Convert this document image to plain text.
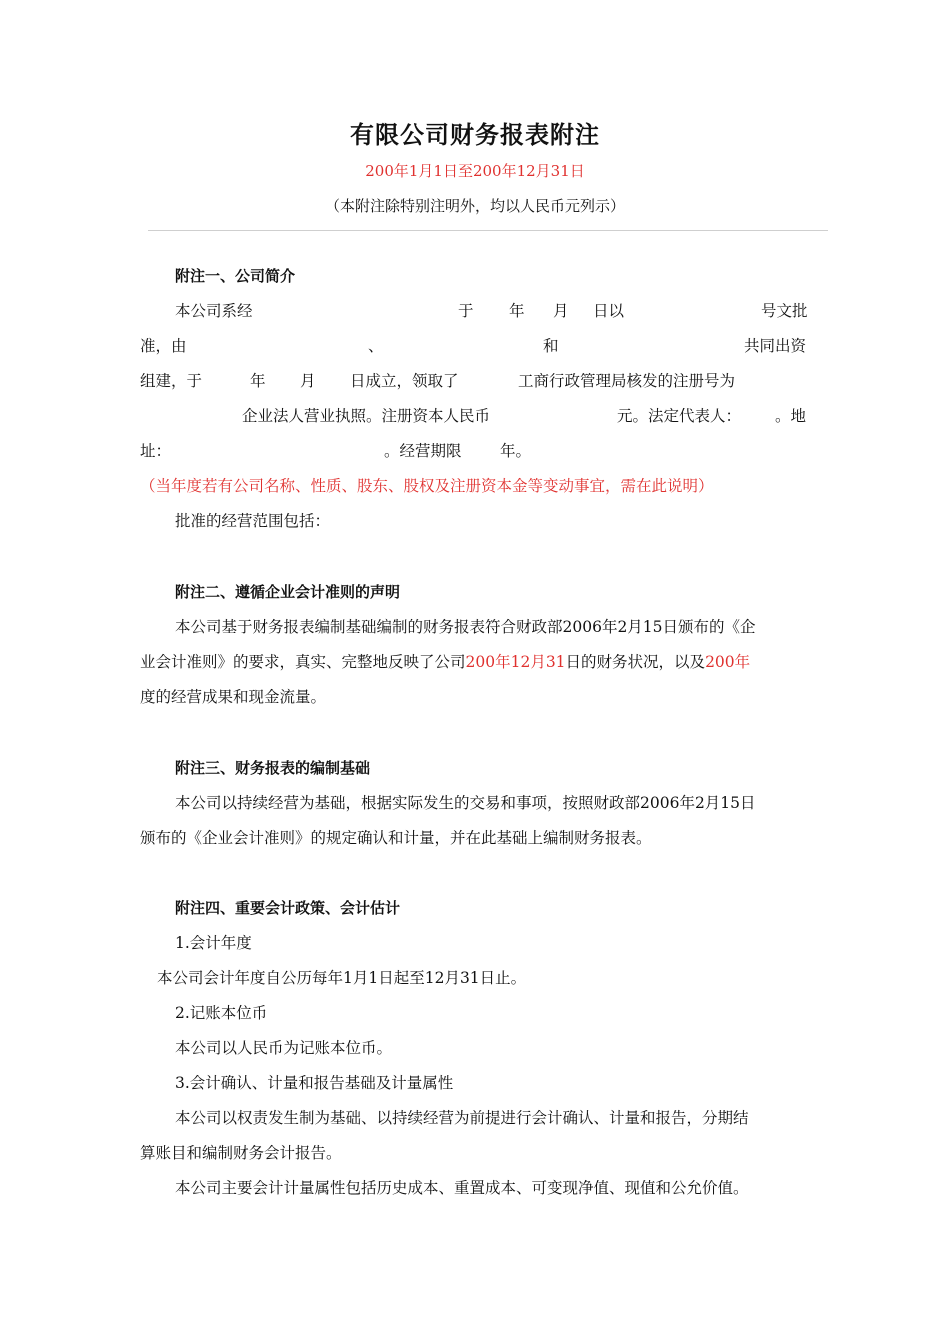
有限公司财务报表附注
200年1月1日至200年12月31日
（本附注除特别注明外，均以人民币元列示）
附注一、公司简介
本公司系经	于 年 月 日以	号文批
准，由	、	和	共同出资
组建，于	年 月 日成立，领取了	工商行政管理局核发的注册号为
企业法人营业执照。注册资本人民币	元。法定代表人： 。地
址：	。经营期限 年。
（当年度若有公司名称、性质、股东、股权及注册资本金等变动事宜，需在此说明）
批准的经营范围包括：
附注二、遵循企业会计准则的声明
本公司基于财务报表编制基础编制的财务报表符合财政部2006年2月15日颁布的《企
业会计准则》的要求，真实、完整地反映了公司200年12月31日的财务状况，以及200年
度的经营成果和现金流量。
附注三、财务报表的编制基础
本公司以持续经营为基础，根据实际发生的交易和事项，按照财政部2006年2月15日
颁布的《企业会计准则》的规定确认和计量，并在此基础上编制财务报表。
附注四、重要会计政策、会计估计
1.会计年度
本公司会计年度自公历每年1月1日起至12月31日止。
2.记账本位币
本公司以人民币为记账本位币。
3.会计确认、计量和报告基础及计量属性
本公司以权责发生制为基础、以持续经营为前提进行会计确认、计量和报告，分期结
算账目和编制财务会计报告。
本公司主要会计计量属性包括历史成本、重置成本、可变现净值、现值和公允价值。
